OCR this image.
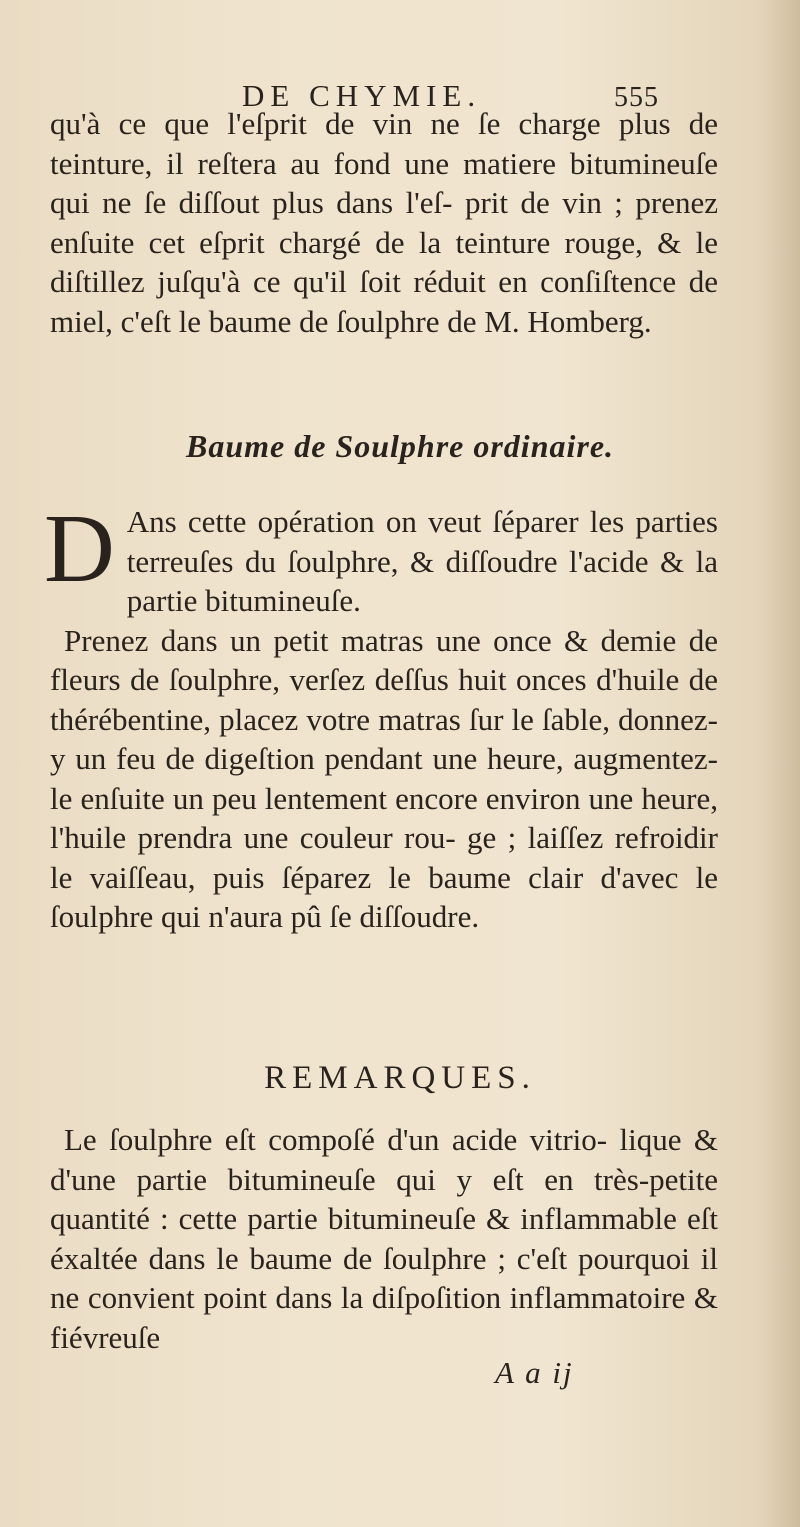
DE CHYMIE.	555

qu'à ce que l'eſprit de vin ne ſe charge plus de teinture, il reſtera au fond une matiere bitumineuſe qui ne ſe diſſout plus dans l'eſ- prit de vin ; prenez enſuite cet eſprit chargé de la teinture rouge, & le diſtillez juſqu'à ce qu'il ſoit réduit en conſiſtence de miel, c'eſt le baume de ſoulphre de M. Homberg.

Baume de Soulphre ordinaire.

D Ans cette opération on veut ſéparer les parties terreuſes du ſoulphre, & diſſoudre l'acide & la partie bitumineuſe.

Prenez dans un petit matras une once & demie de fleurs de ſoulphre, verſez deſſus huit onces d'huile de thérébentine, placez votre matras ſur le ſable, donnez-y un feu de digeſtion pendant une heure, augmentez-le enſuite un peu lentement encore environ une heure, l'huile prendra une couleur rou- ge ; laiſſez refroidir le vaiſſeau, puis ſéparez le baume clair d'avec le ſoulphre qui n'aura pû ſe diſſoudre.

REMARQUES.

Le ſoulphre eſt compoſé d'un acide vitrio- lique & d'une partie bitumineuſe qui y eſt en très-petite quantité : cette partie bitumineuſe & inflammable eſt éxaltée dans le baume de ſoulphre ; c'eſt pourquoi il ne convient point dans la diſpoſition inflammatoire & fiévreuſe

A a ij
